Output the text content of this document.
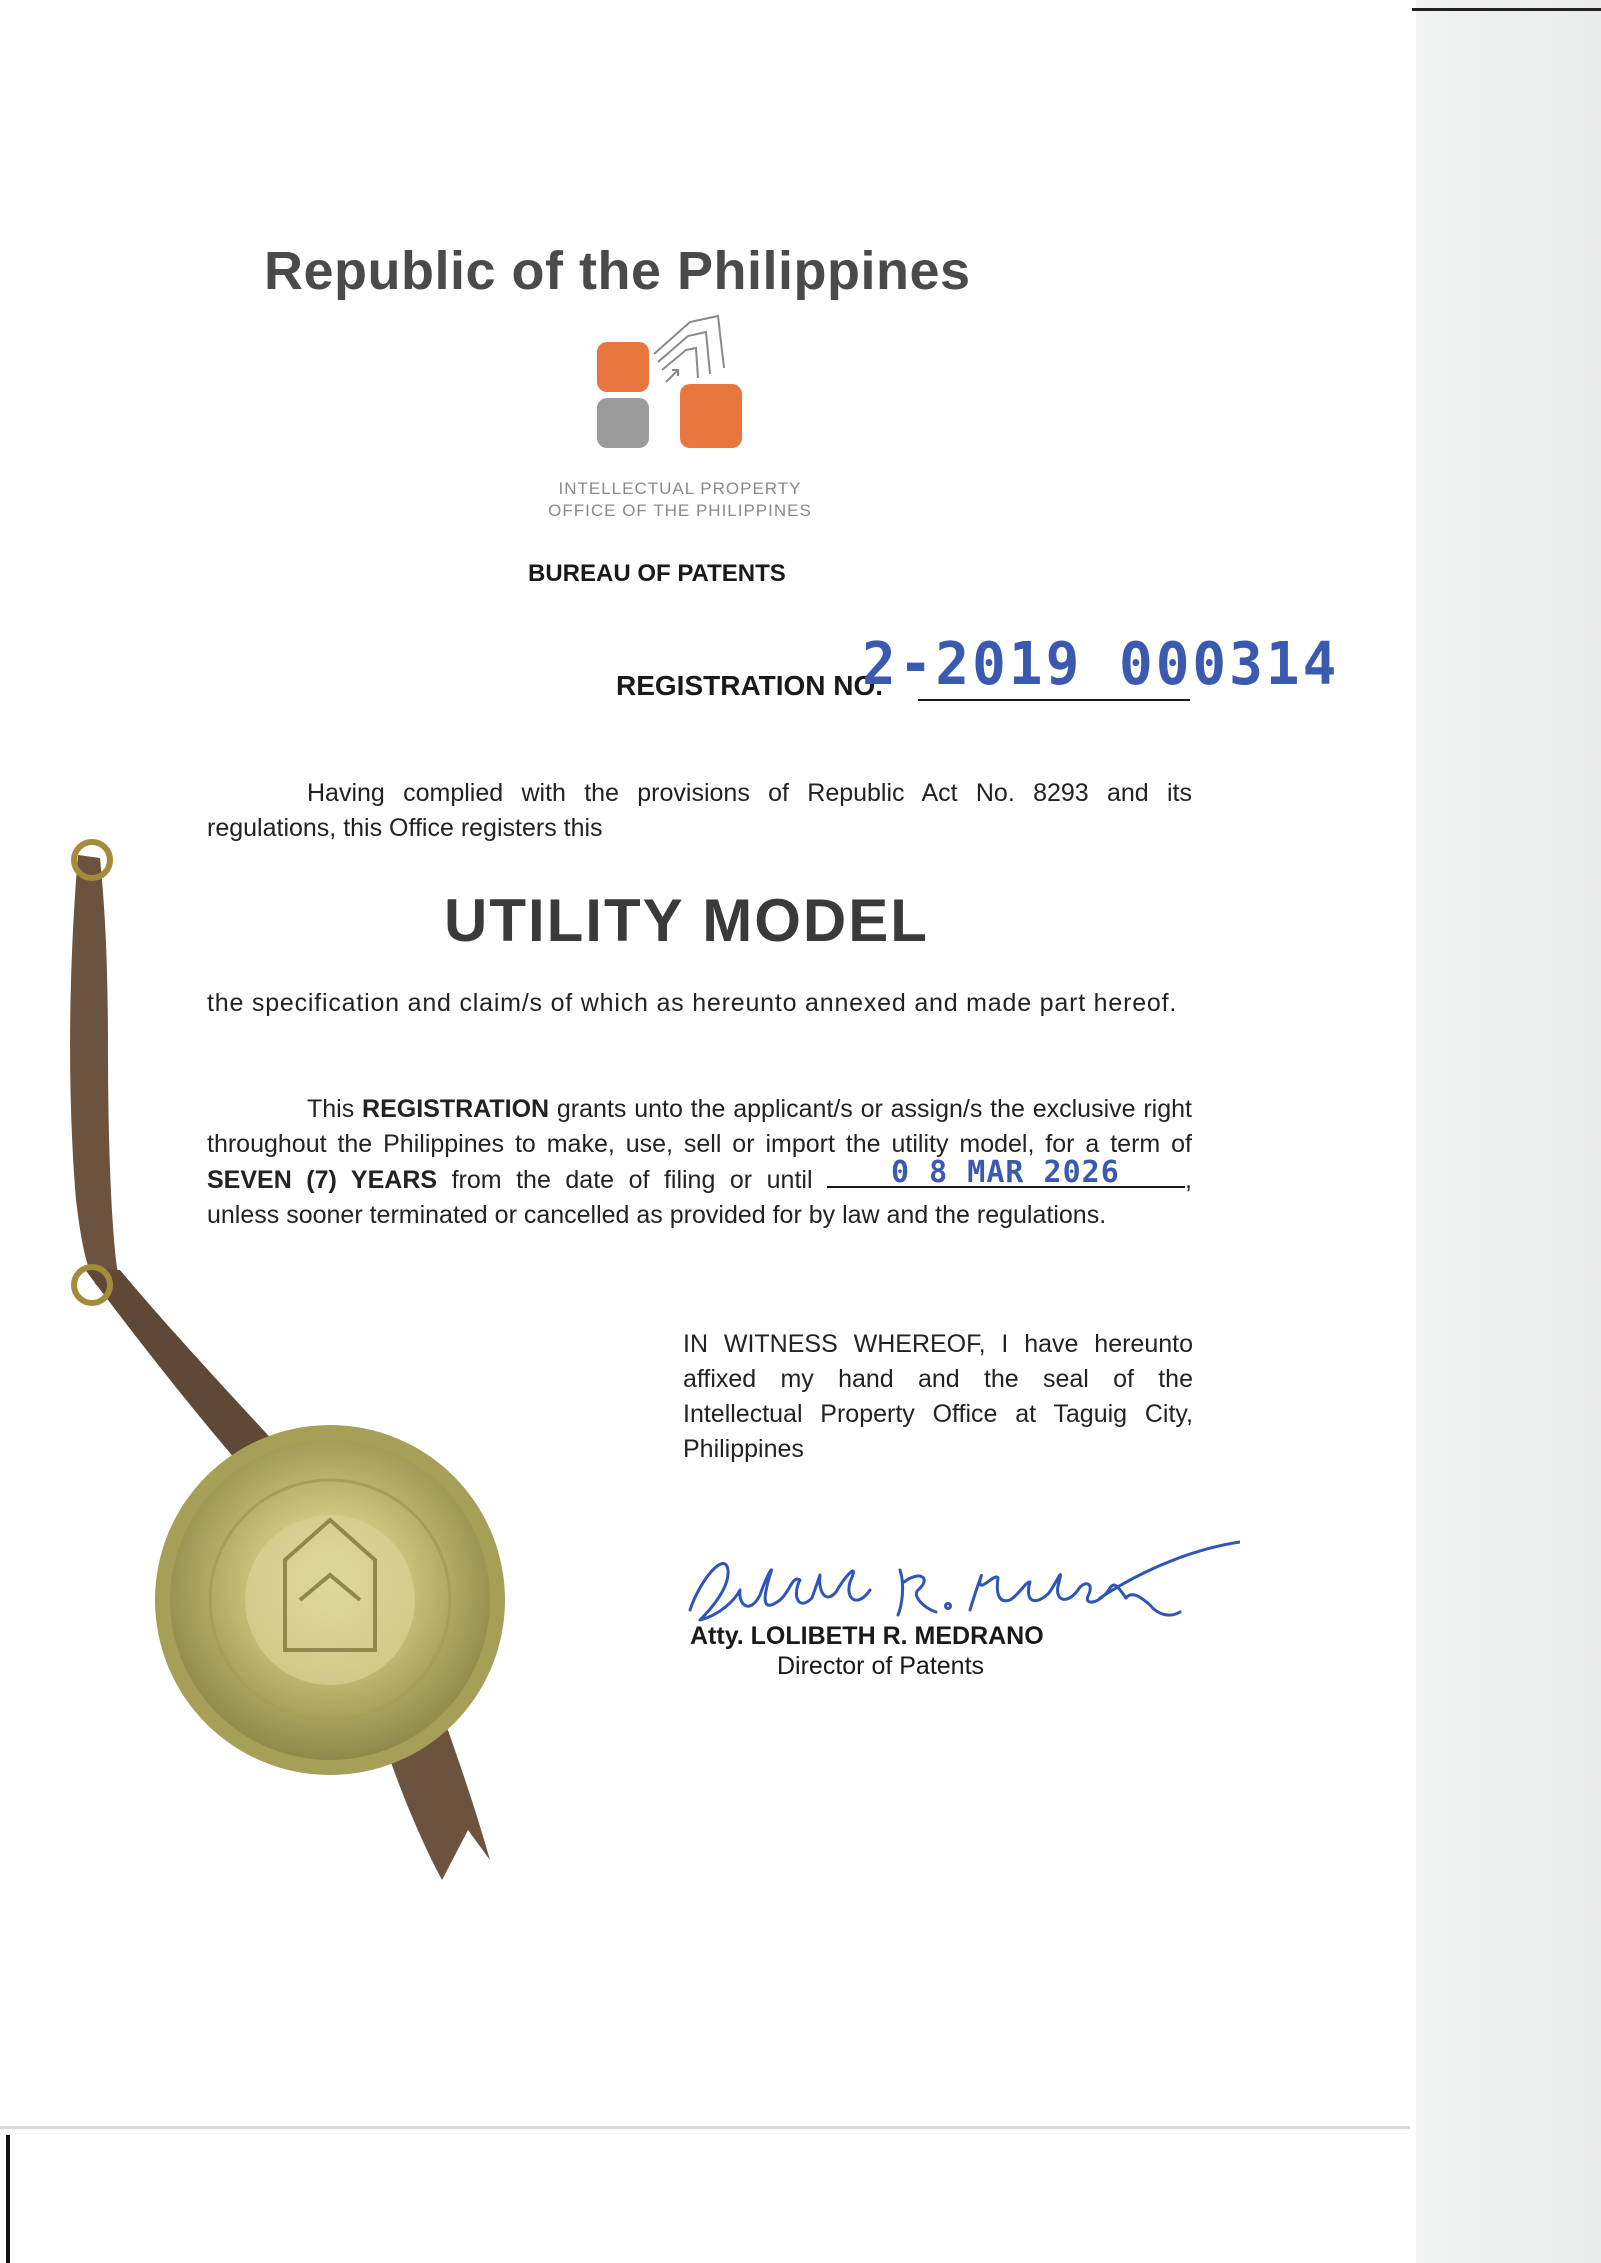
Republic of the Philippines
INTELLECTUAL PROPERTY
OFFICE OF THE PHILIPPINES
BUREAU OF PATENTS
REGISTRATION NO.
2-2019 000314

Having complied with the provisions of Republic Act No. 8293 and its regulations, this Office registers this

UTILITY MODEL

the specification and claim/s of which as hereunto annexed and made part hereof.

This REGISTRATION grants unto the applicant/s or assign/s the exclusive right throughout the Philippines to make, use, sell or import the utility model, for a term of SEVEN (7) YEARS from the date of filing or until 0 8 MAR 2026	, unless sooner terminated or cancelled as provided for by law and the regulations.

IN WITNESS WHEREOF, I have hereunto affixed my hand and the seal of the Intellectual Property Office at Taguig City, Philippines

Atty. LOLIBETH R. MEDRANO
Director of Patents
